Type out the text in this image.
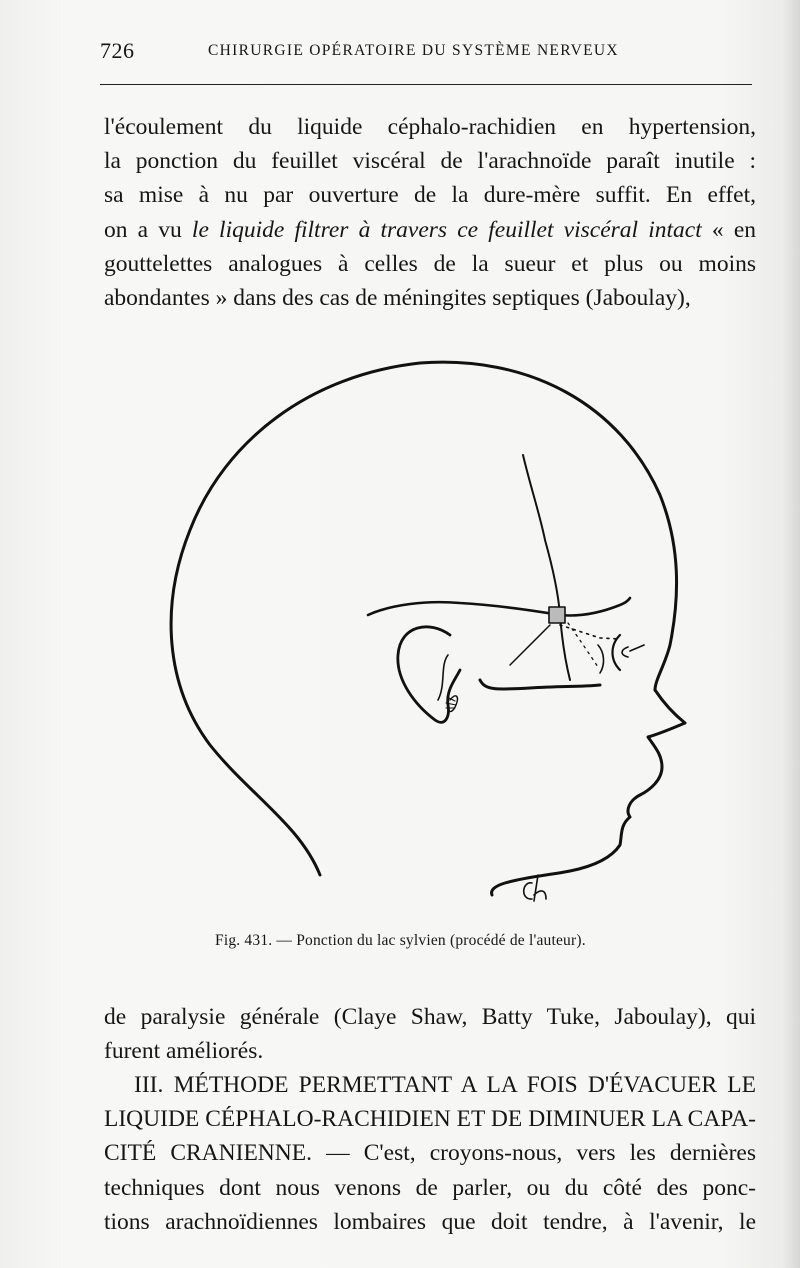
726	CHIRURGIE OPÉRATOIRE DU SYSTÈME NERVEUX
l'écoulement du liquide céphalo-rachidien en hypertension,
la ponction du feuillet viscéral de l'arachnoïde paraît inutile :
sa mise à nu par ouverture de la dure-mère suffit. En effet,
on a vu le liquide filtrer à travers ce feuillet viscéral intact « en
gouttelettes analogues à celles de la sueur et plus ou moins
abondantes » dans des cas de méningites septiques (Jaboulay),
Fig. 431. — Ponction du lac sylvien (procédé de l'auteur).
de paralysie générale (Claye Shaw, Batty Tuke, Jaboulay), qui
furent améliorés.
III. MÉTHODE PERMETTANT A LA FOIS D'ÉVACUER LE
LIQUIDE CÉPHALO-RACHIDIEN ET DE DIMINUER LA CAPA-
CITÉ CRANIENNE. — C'est, croyons-nous, vers les dernières
techniques dont nous venons de parler, ou du côté des ponc-
tions arachnoïdiennes lombaires que doit tendre, à l'avenir, le
